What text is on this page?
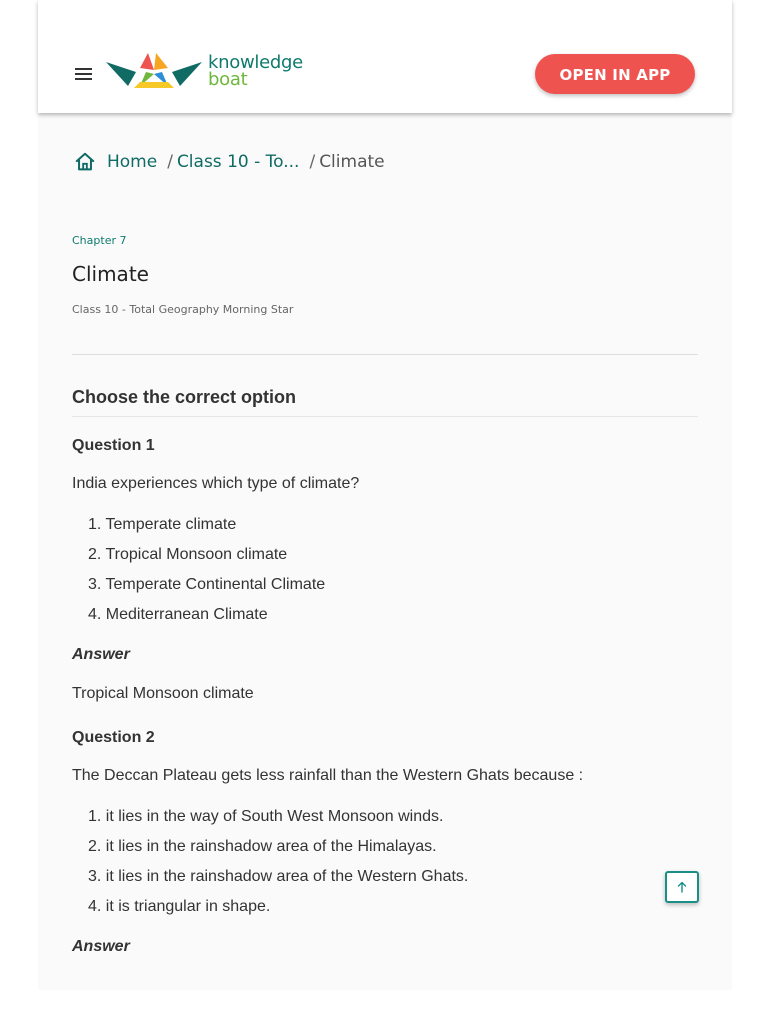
knowledge
boat	OPEN IN APP
Home / Class 10 - To... / Climate
Chapter 7
Climate
Class 10 - Total Geography Morning Star
Choose the correct option
Question 1
India experiences which type of climate?
1. Temperate climate
2. Tropical Monsoon climate
3. Temperate Continental Climate
4. Mediterranean Climate
Answer
Tropical Monsoon climate
Question 2
The Deccan Plateau gets less rainfall than the Western Ghats because :
1. it lies in the way of South West Monsoon winds.
2. it lies in the rainshadow area of the Himalayas.
3. it lies in the rainshadow area of the Western Ghats.
4. it is triangular in shape.
Answer
